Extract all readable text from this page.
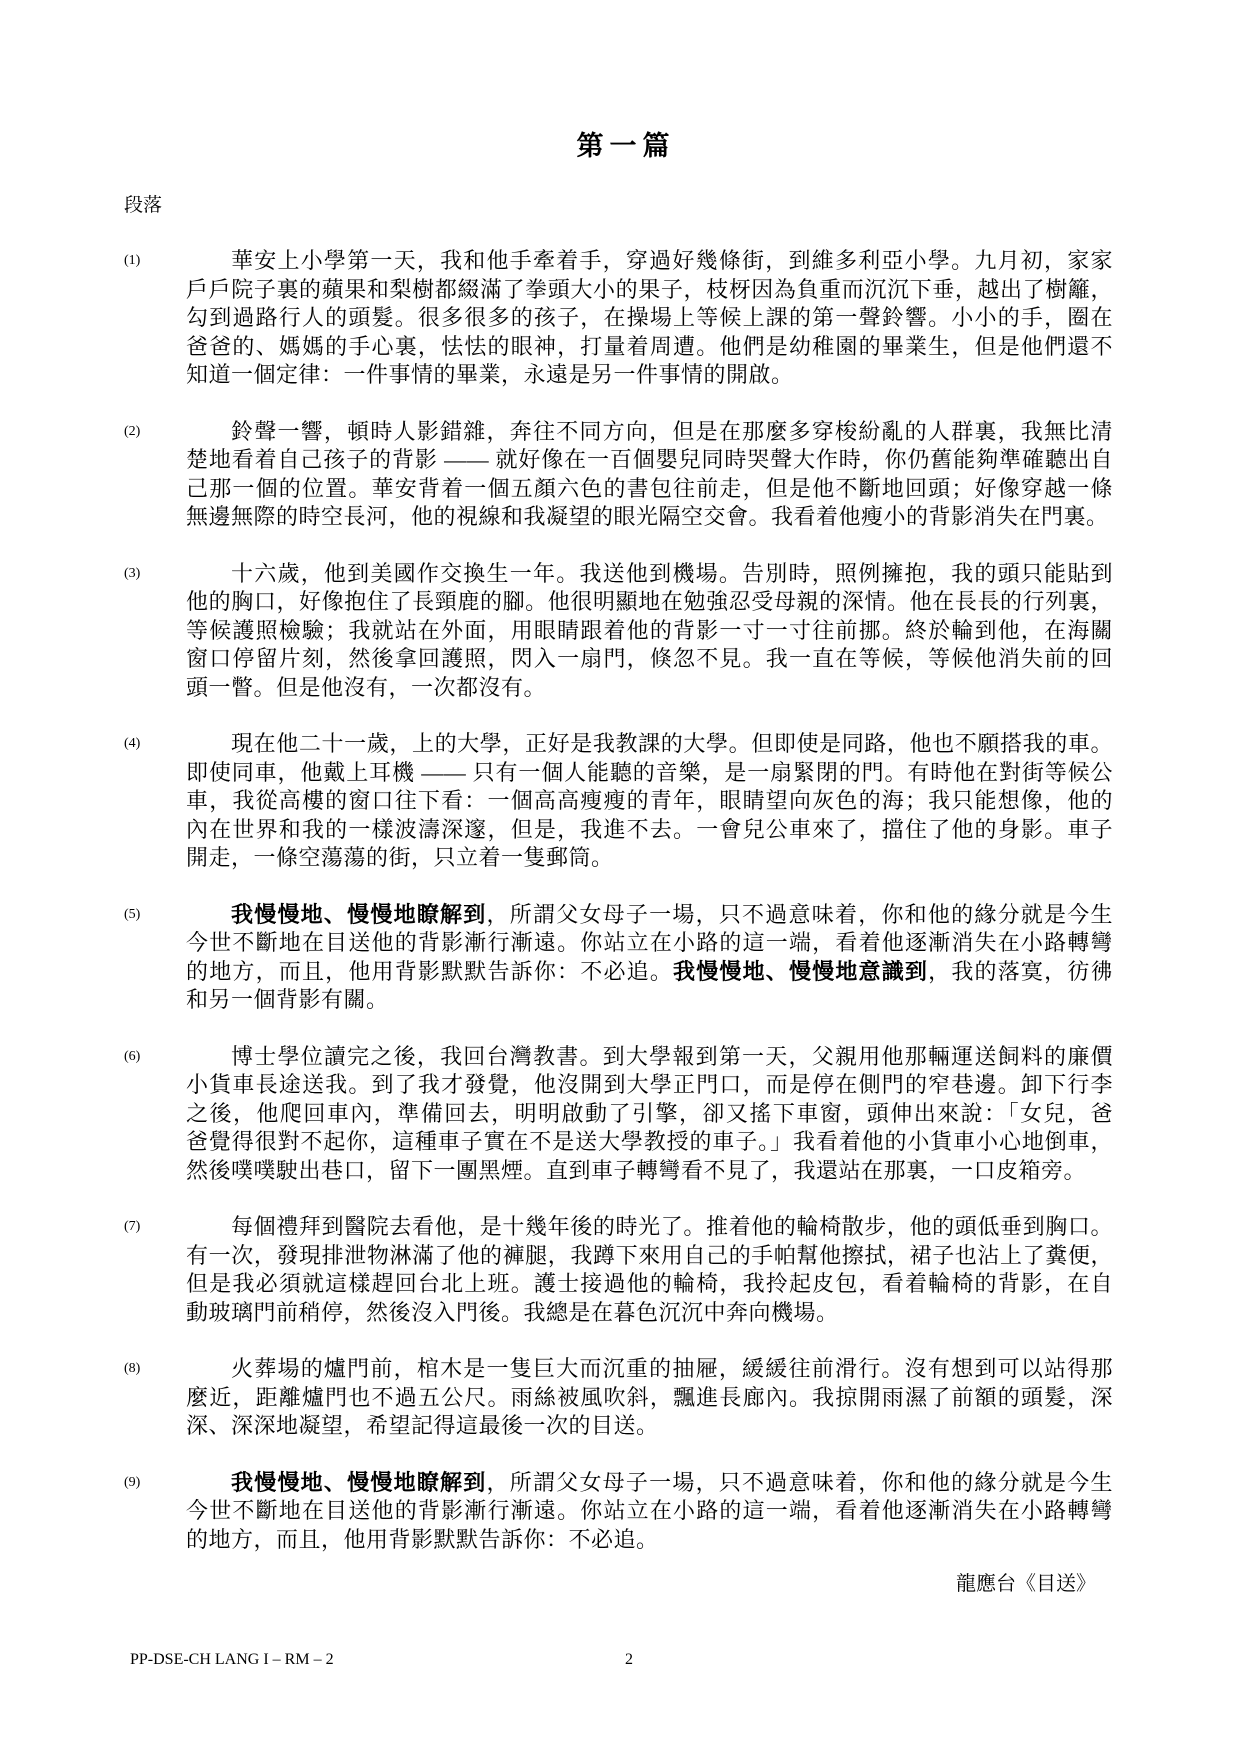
第一篇
段落
(1)	華安上小學第一天，我和他手牽着手，穿過好幾條街，到維多利亞小學。九月初，家家
戶戶院子裏的蘋果和梨樹都綴滿了拳頭大小的果子，枝枒因為負重而沉沉下垂，越出了樹籬，
勾到過路行人的頭髮。很多很多的孩子，在操場上等候上課的第一聲鈴響。小小的手，圈在
爸爸的、媽媽的手心裏，怯怯的眼神，打量着周遭。他們是幼稚園的畢業生，但是他們還不
知道一個定律：一件事情的畢業，永遠是另一件事情的開啟。
(2)	鈴聲一響，頓時人影錯雜，奔往不同方向，但是在那麼多穿梭紛亂的人群裏，我無比清
楚地看着自己孩子的背影 —— 就好像在一百個嬰兒同時哭聲大作時，你仍舊能夠準確聽出自
己那一個的位置。華安背着一個五顏六色的書包往前走，但是他不斷地回頭；好像穿越一條
無邊無際的時空長河，他的視線和我凝望的眼光隔空交會。我看着他瘦小的背影消失在門裏。
(3)	十六歲，他到美國作交換生一年。我送他到機場。告別時，照例擁抱，我的頭只能貼到
他的胸口，好像抱住了長頸鹿的腳。他很明顯地在勉強忍受母親的深情。他在長長的行列裏，
等候護照檢驗；我就站在外面，用眼睛跟着他的背影一寸一寸往前挪。終於輪到他，在海關
窗口停留片刻，然後拿回護照，閃入一扇門，倏忽不見。我一直在等候，等候他消失前的回
頭一瞥。但是他沒有，一次都沒有。
(4)	現在他二十一歲，上的大學，正好是我教課的大學。但即使是同路，他也不願搭我的車。
即使同車，他戴上耳機 —— 只有一個人能聽的音樂，是一扇緊閉的門。有時他在對街等候公
車，我從高樓的窗口往下看：一個高高瘦瘦的青年，眼睛望向灰色的海；我只能想像，他的
內在世界和我的一樣波濤深邃，但是，我進不去。一會兒公車來了，擋住了他的身影。車子
開走，一條空蕩蕩的街，只立着一隻郵筒。
(5)	我慢慢地、慢慢地瞭解到，所謂父女母子一場，只不過意味着，你和他的緣分就是今生
今世不斷地在目送他的背影漸行漸遠。你站立在小路的這一端，看着他逐漸消失在小路轉彎
的地方，而且，他用背影默默告訴你：不必追。我慢慢地、慢慢地意識到，我的落寞，彷彿
和另一個背影有關。
(6)	博士學位讀完之後，我回台灣教書。到大學報到第一天，父親用他那輛運送飼料的廉價
小貨車長途送我。到了我才發覺，他沒開到大學正門口，而是停在側門的窄巷邊。卸下行李
之後，他爬回車內，準備回去，明明啟動了引擎，卻又搖下車窗，頭伸出來說：「女兒，爸
爸覺得很對不起你，這種車子實在不是送大學教授的車子。」我看着他的小貨車小心地倒車，
然後噗噗駛出巷口，留下一團黑煙。直到車子轉彎看不見了，我還站在那裏，一口皮箱旁。
(7)	每個禮拜到醫院去看他，是十幾年後的時光了。推着他的輪椅散步，他的頭低垂到胸口。
有一次，發現排泄物淋滿了他的褲腿，我蹲下來用自己的手帕幫他擦拭，裙子也沾上了糞便，
但是我必須就這樣趕回台北上班。護士接過他的輪椅，我拎起皮包，看着輪椅的背影，在自
動玻璃門前稍停，然後沒入門後。我總是在暮色沉沉中奔向機場。
(8)	火葬場的爐門前，棺木是一隻巨大而沉重的抽屜，緩緩往前滑行。沒有想到可以站得那
麼近，距離爐門也不過五公尺。雨絲被風吹斜，飄進長廊內。我掠開雨濕了前額的頭髮，深
深、深深地凝望，希望記得這最後一次的目送。
(9)	我慢慢地、慢慢地瞭解到，所謂父女母子一場，只不過意味着，你和他的緣分就是今生
今世不斷地在目送他的背影漸行漸遠。你站立在小路的這一端，看着他逐漸消失在小路轉彎
的地方，而且，他用背影默默告訴你：不必追。
龍應台《目送》
PP-DSE-CH LANG I – RM – 2	2
